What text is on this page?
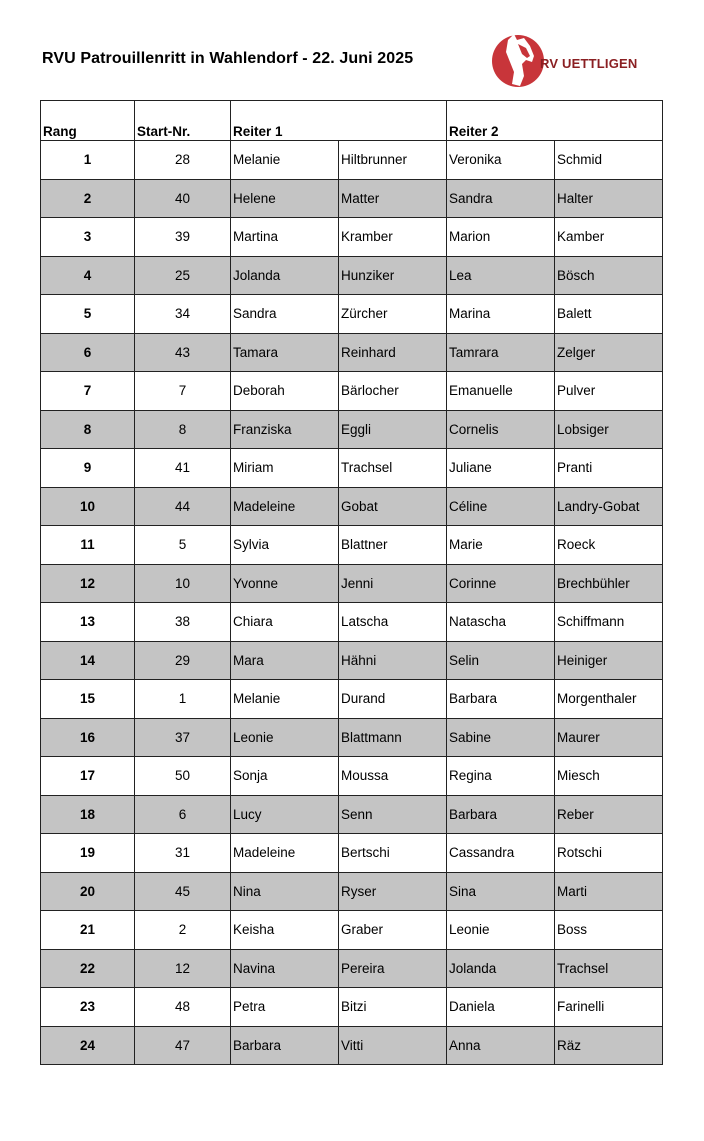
RVU Patrouillenritt in Wahlendorf - 22. Juni 2025	RV UETTLIGEN
Rang	Start-Nr.	Reiter 1		Reiter 2	
1	28	Melanie	Hiltbrunner	Veronika	Schmid
2	40	Helene	Matter	Sandra	Halter
3	39	Martina	Kramber	Marion	Kamber
4	25	Jolanda	Hunziker	Lea	Bösch
5	34	Sandra	Zürcher	Marina	Balett
6	43	Tamara	Reinhard	Tamrara	Zelger
7	7	Deborah	Bärlocher	Emanuelle	Pulver
8	8	Franziska	Eggli	Cornelis	Lobsiger
9	41	Miriam	Trachsel	Juliane	Pranti
10	44	Madeleine	Gobat	Céline	Landry-Gobat
11	5	Sylvia	Blattner	Marie	Roeck
12	10	Yvonne	Jenni	Corinne	Brechbühler
13	38	Chiara	Latscha	Natascha	Schiffmann
14	29	Mara	Hähni	Selin	Heiniger
15	1	Melanie	Durand	Barbara	Morgenthaler
16	37	Leonie	Blattmann	Sabine	Maurer
17	50	Sonja	Moussa	Regina	Miesch
18	6	Lucy	Senn	Barbara	Reber
19	31	Madeleine	Bertschi	Cassandra	Rotschi
20	45	Nina	Ryser	Sina	Marti
21	2	Keisha	Graber	Leonie	Boss
22	12	Navina	Pereira	Jolanda	Trachsel
23	48	Petra	Bitzi	Daniela	Farinelli
24	47	Barbara	Vitti	Anna	Räz
